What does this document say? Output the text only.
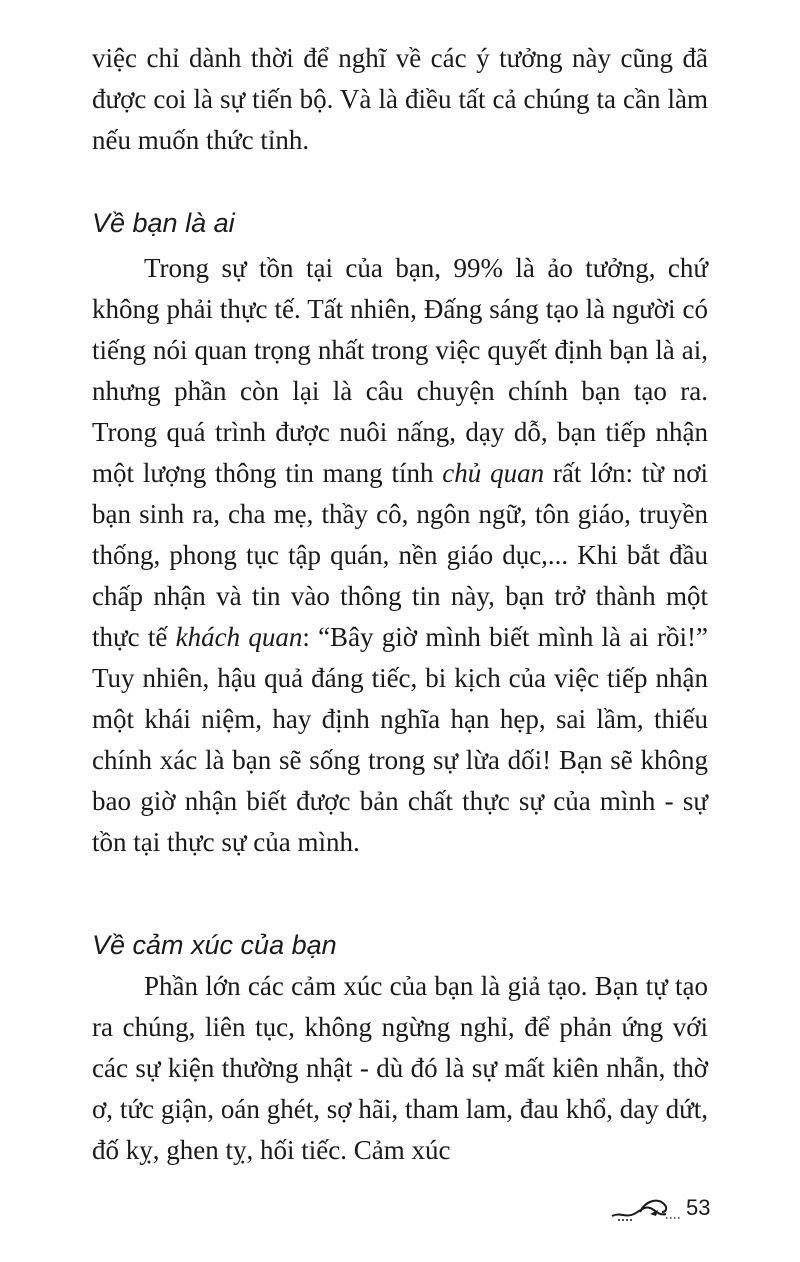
việc chỉ dành thời để nghĩ về các ý tưởng này cũng đã được coi là sự tiến bộ. Và là điều tất cả chúng ta cần làm nếu muốn thức tỉnh.

Về bạn là ai

Trong sự tồn tại của bạn, 99% là ảo tưởng, chứ không phải thực tế. Tất nhiên, Đấng sáng tạo là người có tiếng nói quan trọng nhất trong việc quyết định bạn là ai, nhưng phần còn lại là câu chuyện chính bạn tạo ra. Trong quá trình được nuôi nấng, dạy dỗ, bạn tiếp nhận một lượng thông tin mang tính chủ quan rất lớn: từ nơi bạn sinh ra, cha mẹ, thầy cô, ngôn ngữ, tôn giáo, truyền thống, phong tục tập quán, nền giáo dục,... Khi bắt đầu chấp nhận và tin vào thông tin này, bạn trở thành một thực tế khách quan: “Bây giờ mình biết mình là ai rồi!” Tuy nhiên, hậu quả đáng tiếc, bi kịch của việc tiếp nhận một khái niệm, hay định nghĩa hạn hẹp, sai lầm, thiếu chính xác là bạn sẽ sống trong sự lừa dối! Bạn sẽ không bao giờ nhận biết được bản chất thực sự của mình - sự tồn tại thực sự của mình.

Về cảm xúc của bạn

Phần lớn các cảm xúc của bạn là giả tạo. Bạn tự tạo ra chúng, liên tục, không ngừng nghỉ, để phản ứng với các sự kiện thường nhật - dù đó là sự mất kiên nhẫn, thờ ơ, tức giận, oán ghét, sợ hãi, tham lam, đau khổ, day dứt, đố kỵ, ghen tỵ, hối tiếc. Cảm xúc

53
